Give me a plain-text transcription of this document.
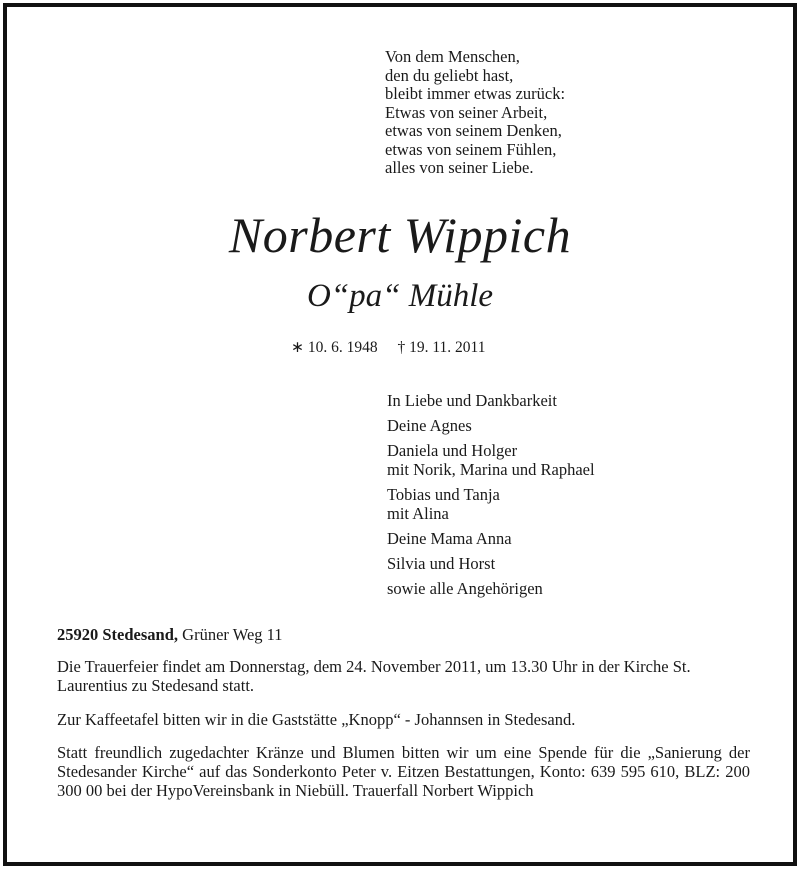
Von dem Menschen,
den du geliebt hast,
bleibt immer etwas zurück:
Etwas von seiner Arbeit,
etwas von seinem Denken,
etwas von seinem Fühlen,
alles von seiner Liebe.
Norbert Wippich
O“pa“ Mühle
∗ 10. 6. 1948 † 19. 11. 2011
In Liebe und Dankbarkeit
Deine Agnes
Daniela und Holger
mit Norik, Marina und Raphael
Tobias und Tanja
mit Alina
Deine Mama Anna
Silvia und Horst
sowie alle Angehörigen
25920 Stedesand, Grüner Weg 11
Die Trauerfeier findet am Donnerstag, dem 24. November 2011, um 13.30 Uhr in der Kirche St. Laurentius zu Stedesand statt.
Zur Kaffeetafel bitten wir in die Gaststätte „Knopp“ - Johannsen in Stedesand.
Statt freundlich zugedachter Kränze und Blumen bitten wir um eine Spende für die „Sanierung der Stedesander Kirche“ auf das Sonderkonto Peter v. Eitzen Bestattungen, Konto: 639 595 610, BLZ: 200 300 00 bei der HypoVereinsbank in Niebüll. Trauerfall Norbert Wippich
